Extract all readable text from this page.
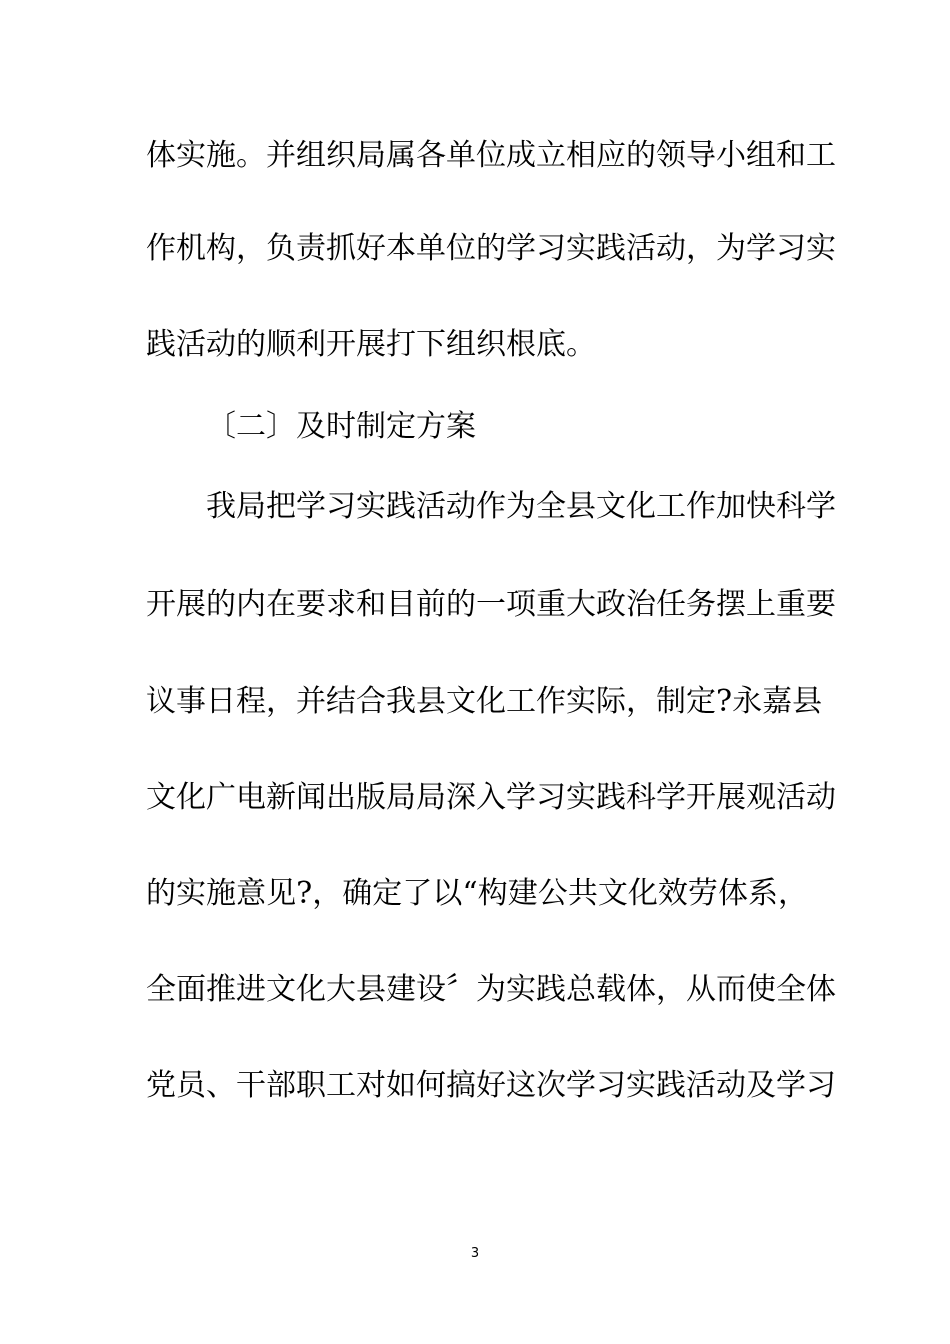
体实施。并组织局属各单位成立相应的领导小组和工
作机构，负责抓好本单位的学习实践活动，为学习实
践活动的顺利开展打下组织根底。
〔二〕及时制定方案
我局把学习实践活动作为全县文化工作加快科学
开展的内在要求和目前的一项重大政治任务摆上重要
议事日程，并结合我县文化工作实际，制定?永嘉县
文化广电新闻出版局局深入学习实践科学开展观活动
的实施意见?，确定了以“构建公共文化效劳体系，
全面推进文化大县建设〞为实践总载体，从而使全体
党员、干部职工对如何搞好这次学习实践活动及学习
3
